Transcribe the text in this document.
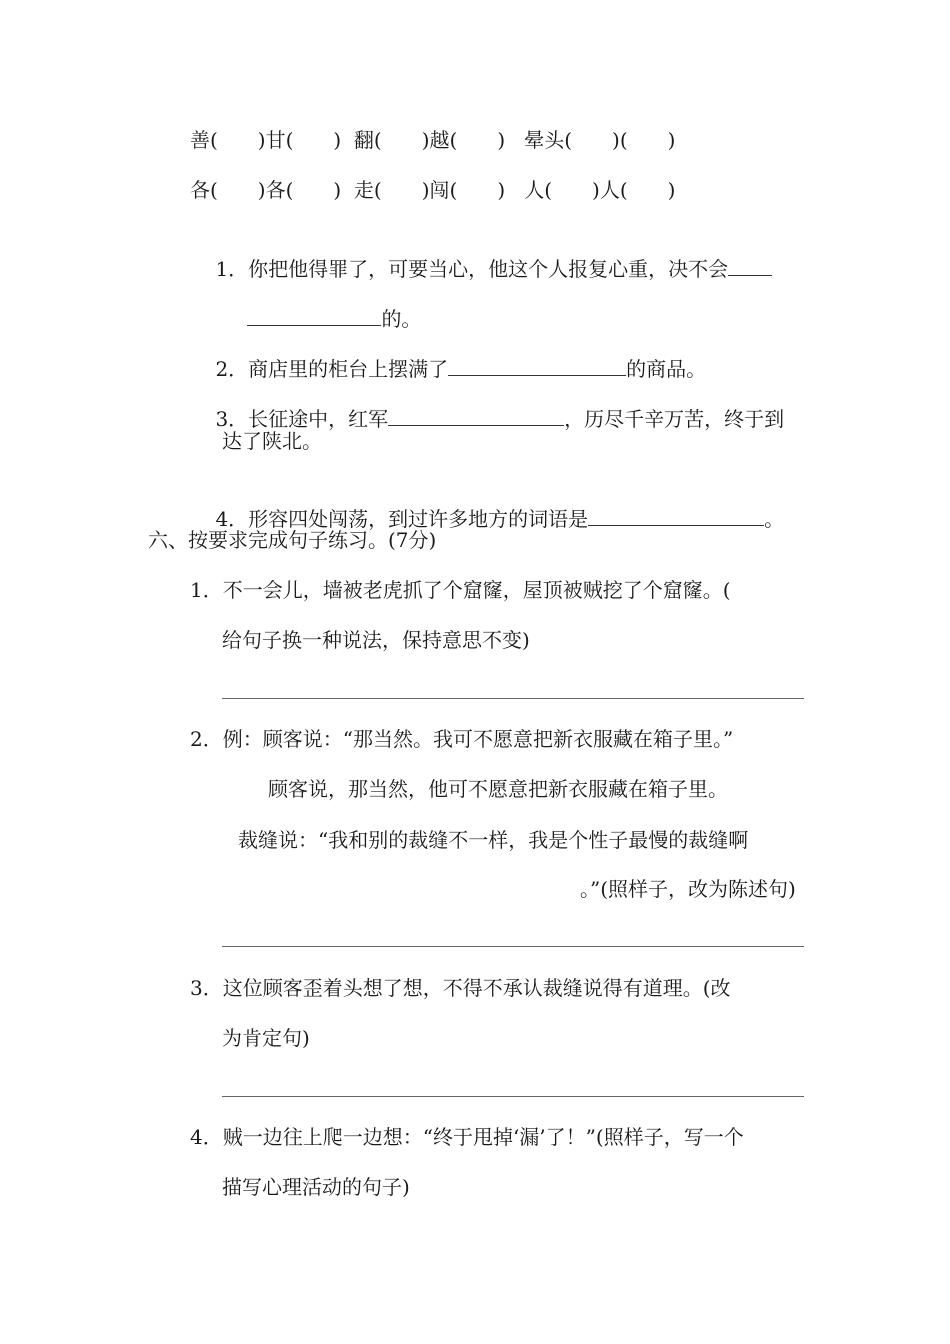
善(　　)甘(　　)  翻(　　)越(　　)   晕头(　　)(　　)
各(　　)各(　　)  走(　　)闯(　　)   人(　　)人(　　)

1．你把他得罪了，可要当心，他这个人报复心重，决不会

的。

2．商店里的柜台上摆满了	的商品。

3．长征途中，红军	，历尽千辛万苦，终于到

达了陕北。

4．形容四处闯荡，到过许多地方的词语是	。

六、按要求完成句子练习。(7分)
1．不一会儿，墙被老虎抓了个窟窿，屋顶被贼挖了个窟窿。(
给句子换一种说法，保持意思不变)
2．例：顾客说：“那当然。我可不愿意把新衣服藏在箱子里。”
顾客说，那当然，他可不愿意把新衣服藏在箱子里。
裁缝说：“我和别的裁缝不一样，我是个性子最慢的裁缝啊
。”(照样子，改为陈述句)
3．这位顾客歪着头想了想，不得不承认裁缝说得有道理。(改
为肯定句)
4．贼一边往上爬一边想：“终于甩掉‘漏’了！”(照样子，写一个
描写心理活动的句子)
